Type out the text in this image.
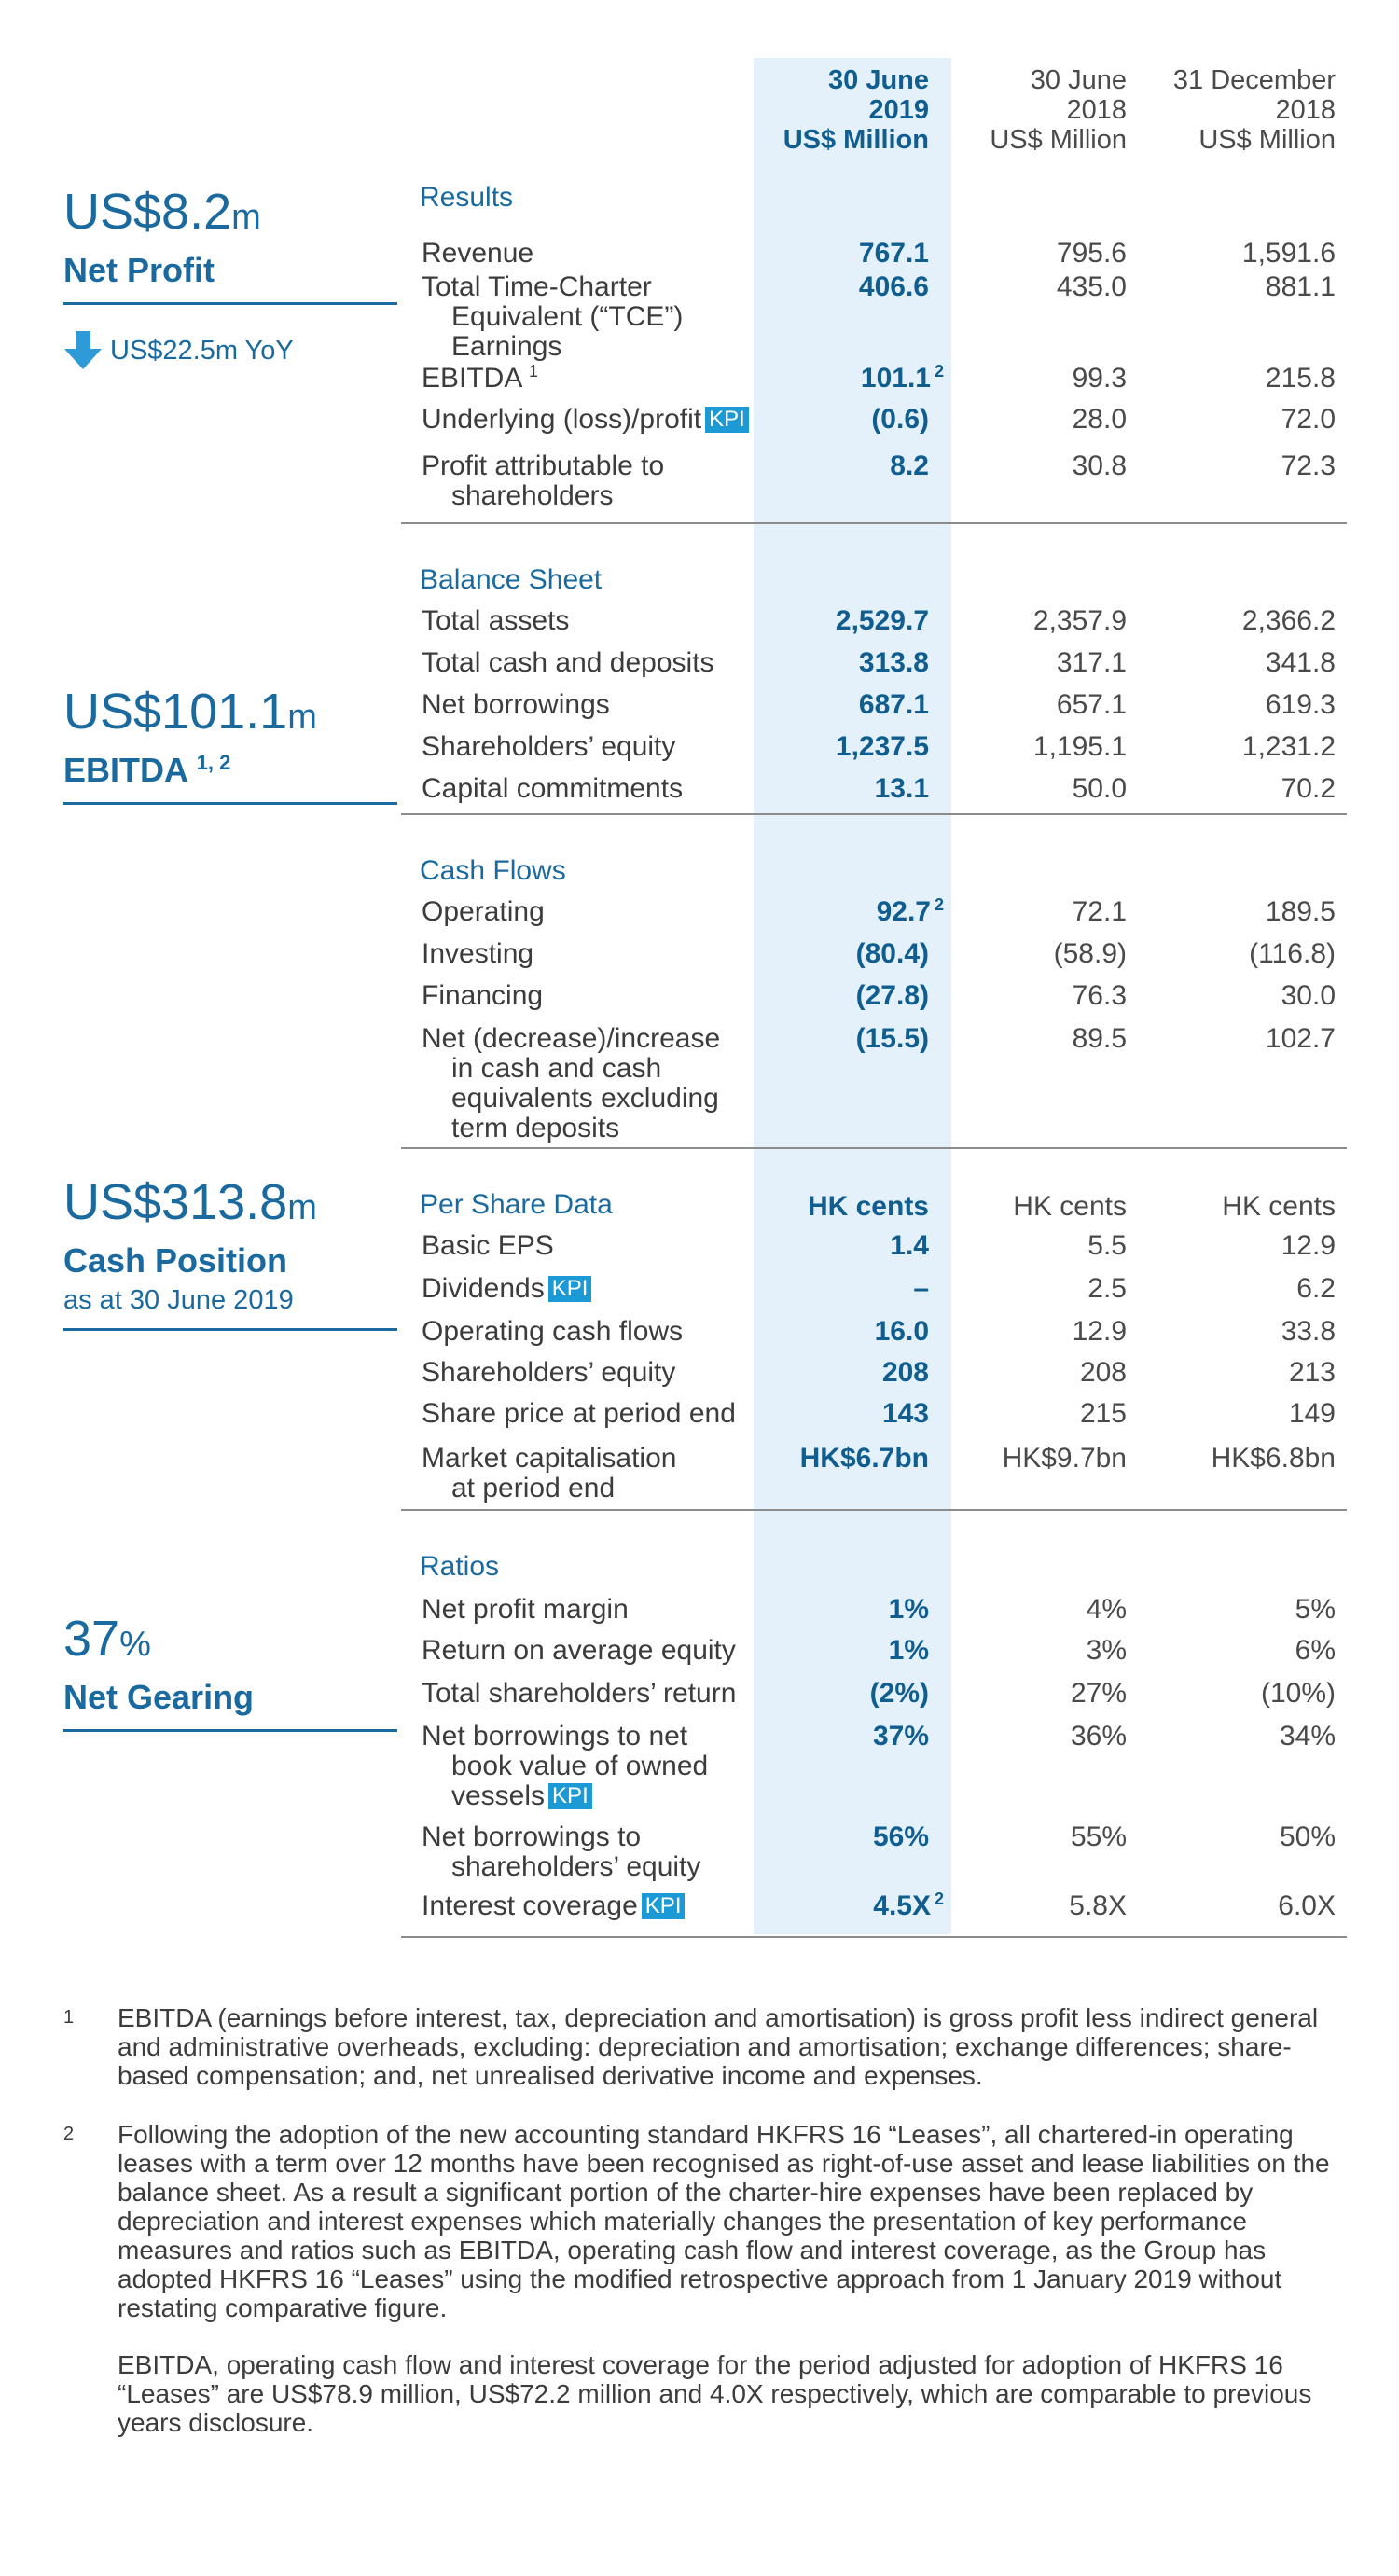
30 June
2019
US$ Million
30 June
2018
US$ Million
31 December
2018
US$ Million
US$8.2m
Net Profit
US$22.5m YoY
US$101.1m
EBITDA $^{1, 2}$
US$313.8m
Cash Position
as at 30 June 2019
37%
Net Gearing
Results
Revenue	767.1	795.6	1,591.6
Total Time-Charter
Equivalent (“TCE”)
Earnings
406.6	435.0	881.1
EBITDA $^1$	101.1 $^2$	99.3	215.8
Underlying (loss)/profit KPI	(0.6)	28.0	72.0
Profit attributable to
shareholders
8.2	30.8	72.3
Balance Sheet
Total assets	2,529.7	2,357.9	2,366.2
Total cash and deposits	313.8	317.1	341.8
Net borrowings	687.1	657.1	619.3
Shareholders’ equity	1,237.5	1,195.1	1,231.2
Capital commitments	13.1	50.0	70.2
Cash Flows
Operating	92.7 $^2$	72.1	189.5
Investing	(80.4)	(58.9)	(116.8)
Financing	(27.8)	76.3	30.0
Net (decrease)/increase
in cash and cash
equivalents excluding
term deposits
(15.5)	89.5	102.7
Per Share Data	HK cents	HK cents	HK cents
Basic EPS	1.4	5.5	12.9
Dividends KPI	–	2.5	6.2
Operating cash flows	16.0	12.9	33.8
Shareholders’ equity	208	208	213
Share price at period end	143	215	149
Market capitalisation
at period end
HK$6.7bn	HK$9.7bn	HK$6.8bn
Ratios
Net profit margin	1%	4%	5%
Return on average equity	1%	3%	6%
Total shareholders’ return	(2%)	27%	(10%)
Net borrowings to net
book value of owned
vessels KPI
37%	36%	34%
Net borrowings to
shareholders’ equity
56%	55%	50%
Interest coverage KPI	4.5X $^2$	5.8X	6.0X
1 EBITDA (earnings before interest, tax, depreciation and amortisation) is gross profit less indirect general and administrative overheads, excluding: depreciation and amortisation; exchange differences; share-based compensation; and, net unrealised derivative income and expenses.
2 Following the adoption of the new accounting standard HKFRS 16 “Leases”, all chartered-in operating leases with a term over 12 months have been recognised as right-of-use asset and lease liabilities on the balance sheet. As a result a significant portion of the charter-hire expenses have been replaced by depreciation and interest expenses which materially changes the presentation of key performance measures and ratios such as EBITDA, operating cash flow and interest coverage, as the Group has adopted HKFRS 16 “Leases” using the modified retrospective approach from 1 January 2019 without restating comparative figure.
EBITDA, operating cash flow and interest coverage for the period adjusted for adoption of HKFRS 16 “Leases” are US$78.9 million, US$72.2 million and 4.0X respectively, which are comparable to previous years disclosure.
